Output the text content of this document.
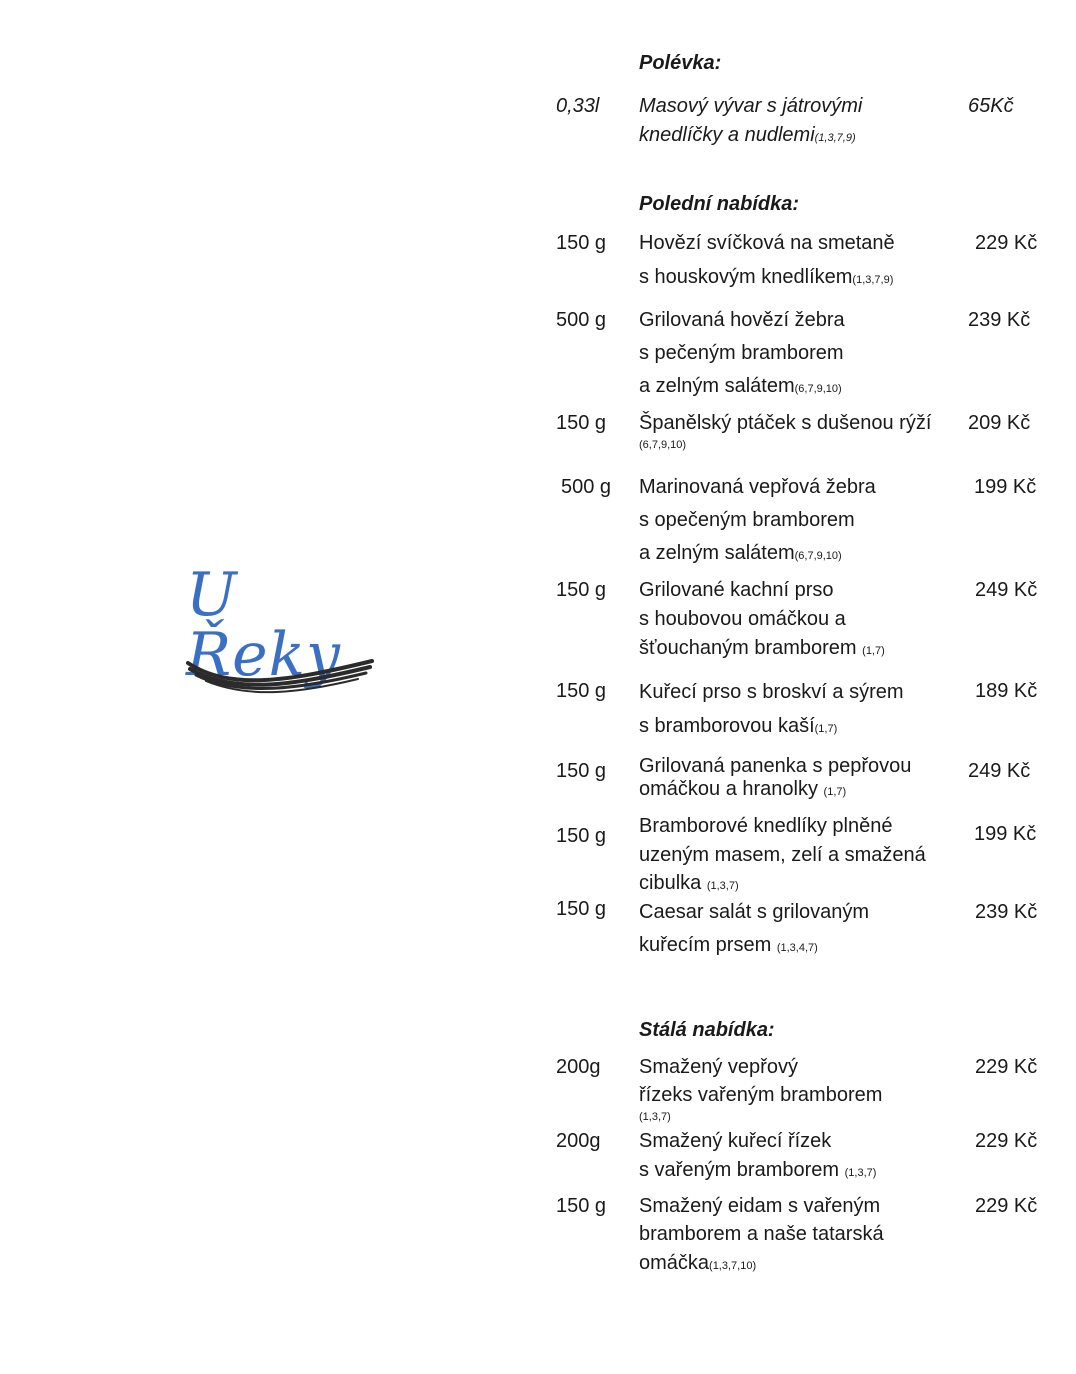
U Řeky
Polévka:
0,33l Masový vývar s játrovými
knedlíčky a nudlemi(1,3,7,9)
65Kč
Polední nabídka:
150 g Hovězí svíčková na smetaně
s houskovým knedlíkem(1,3,7,9)
229 Kč
500 g Grilovaná hovězí žebra
s pečeným bramborem
a zelným salátem(6,7,9,10)
239 Kč
150 g Španělský ptáček s dušenou rýží
(6,7,9,10)
209 Kč
500 g Marinovaná vepřová žebra
s opečeným bramborem
a zelným salátem(6,7,9,10)
199 Kč
150 g Grilované kachní prso
s houbovou omáčkou a
šťouchaným bramborem (1,7)
249 Kč
150 g Kuřecí prso s broskví a sýrem
s bramborovou kaší(1,7)
189 Kč
150 g Grilovaná panenka s pepřovou
omáčkou a hranolky (1,7)
249 Kč
150 g Bramborové knedlíky plněné
uzeným masem, zelí a smažená
cibulka (1,3,7)
199 Kč
150 g Caesar salát s grilovaným
kuřecím prsem (1,3,4,7)
239 Kč
Stálá nabídka:
200g Smažený vepřový
řízeks vařeným bramborem
(1,3,7)
229 Kč
200g Smažený kuřecí řízek
s vařeným bramborem (1,3,7)
229 Kč
150 g Smažený eidam s vařeným
bramborem a naše tatarská
omáčka(1,3,7,10)
229 Kč
